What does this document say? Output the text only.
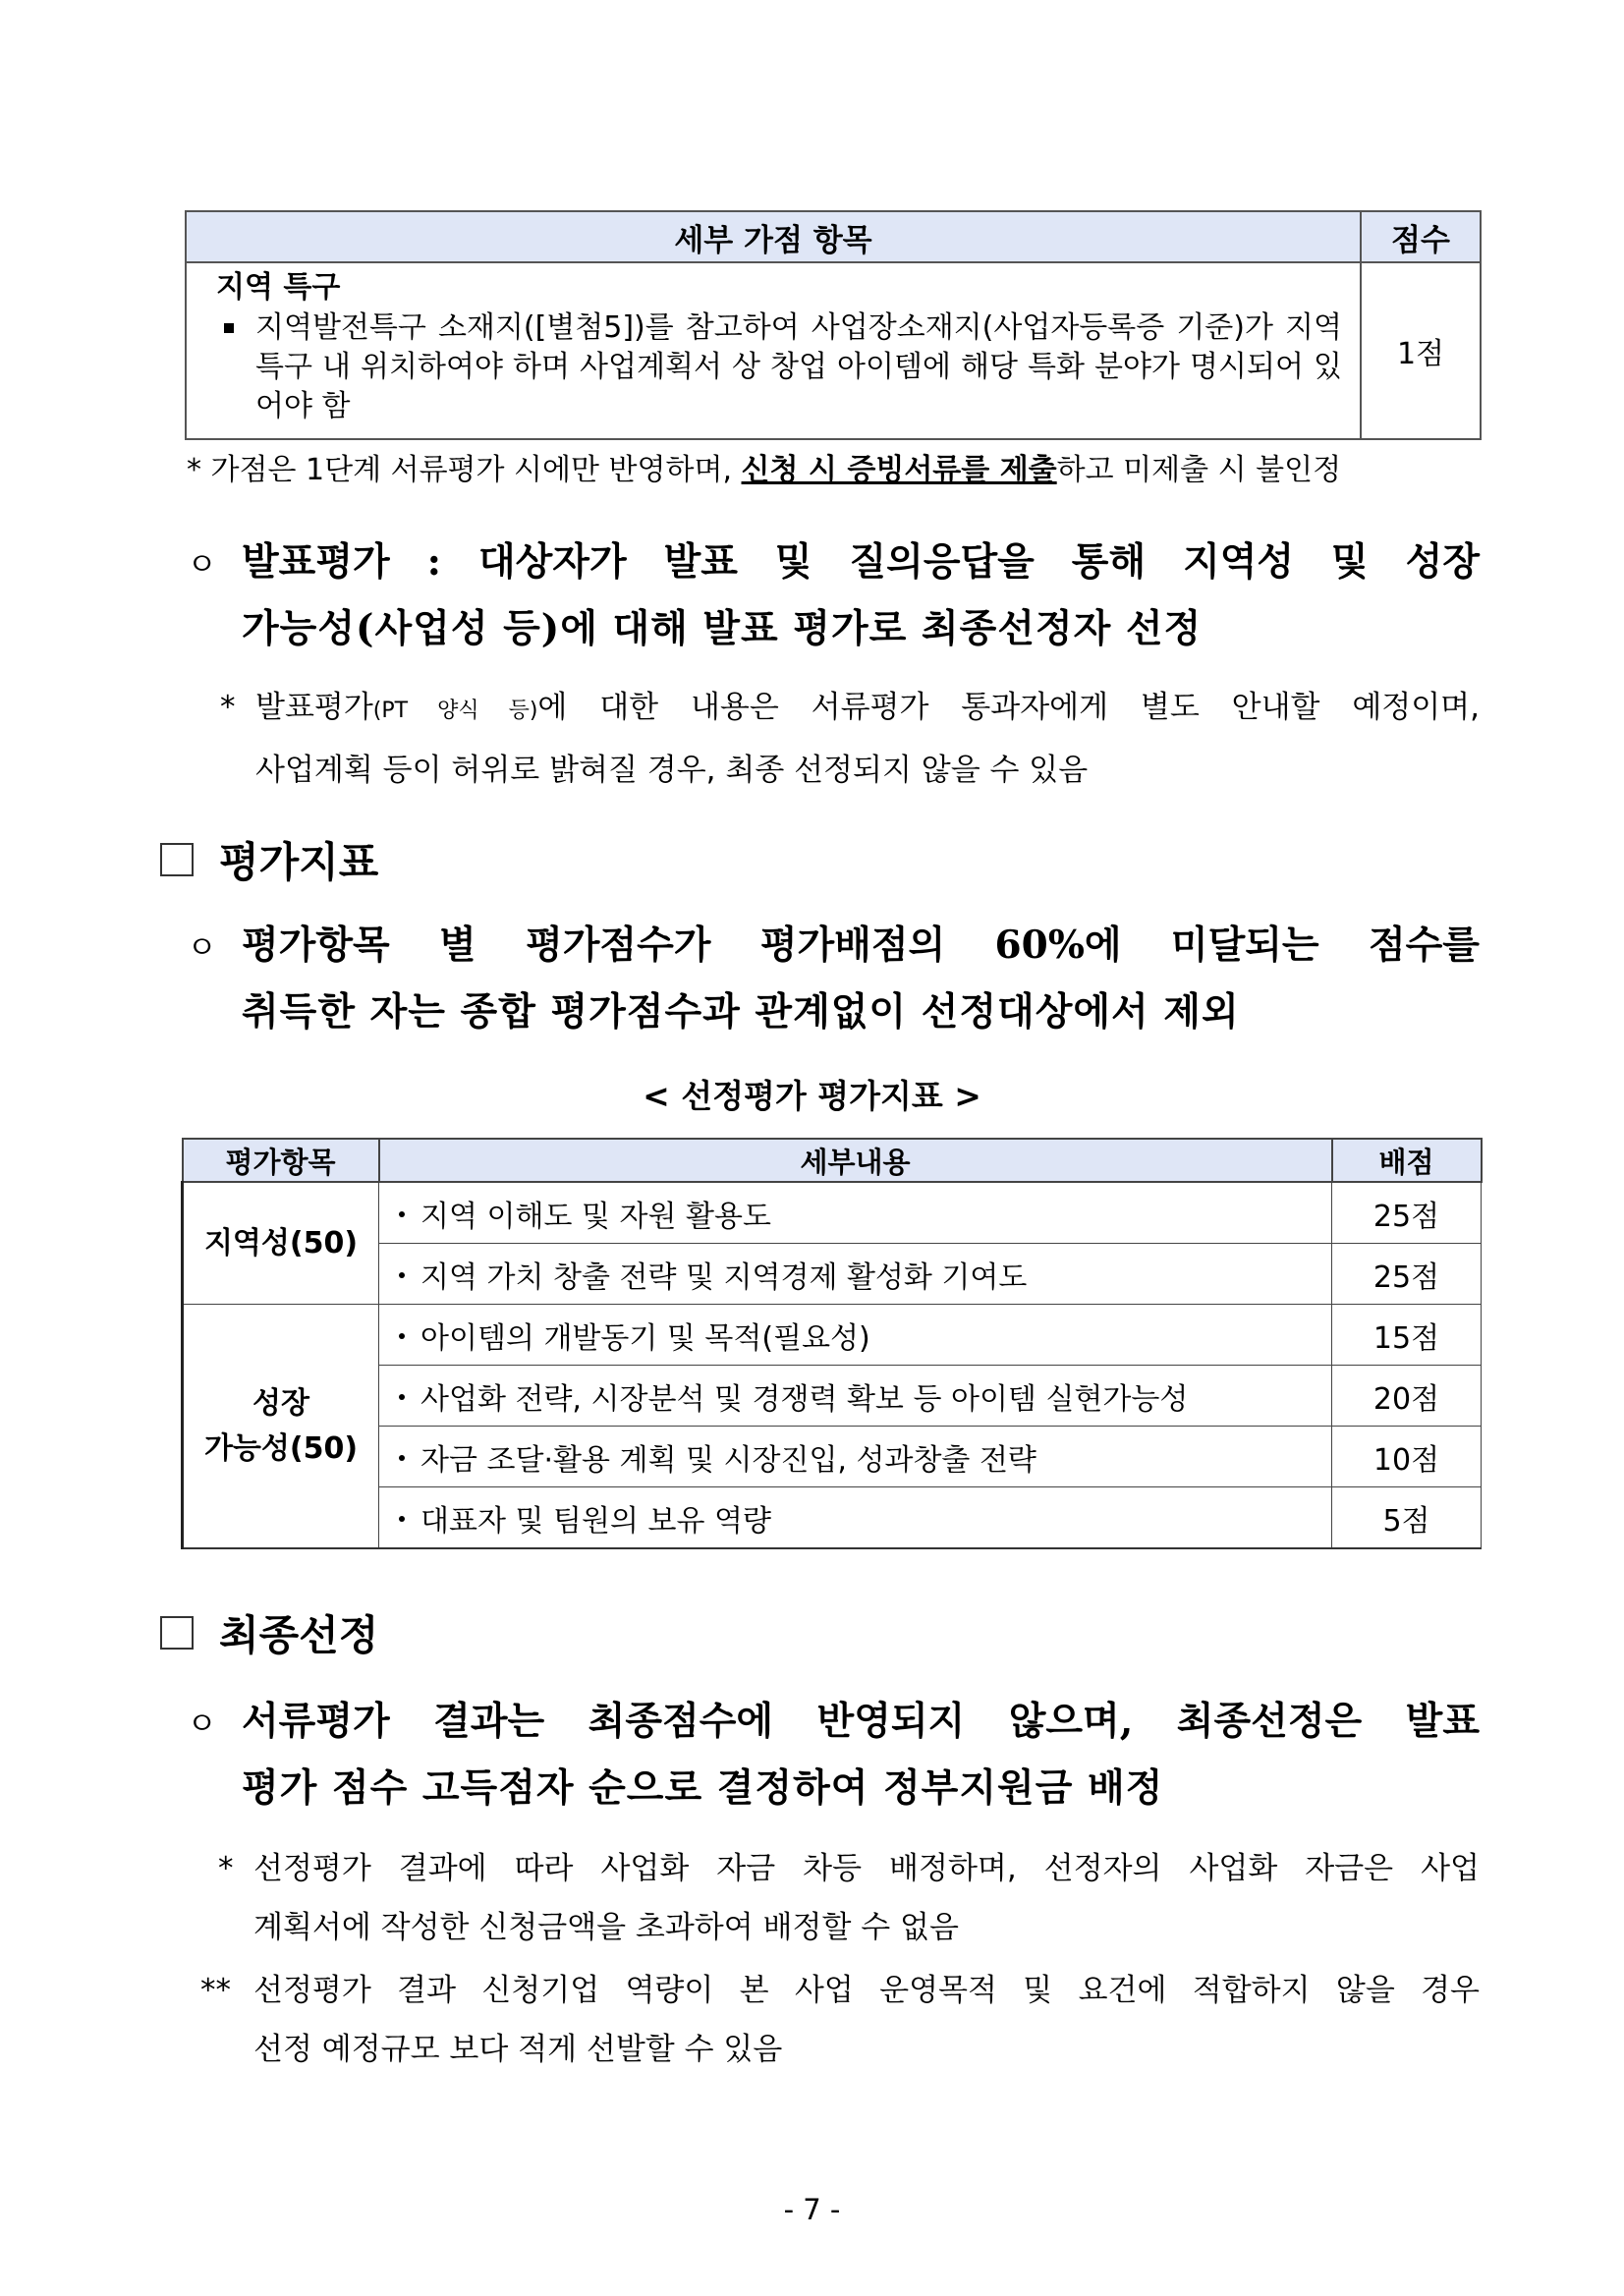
세부 가점 항목	점수

지역 특구
지역발전특구 소재지([별첨5])를 참고하여 사업장소재지(사업자등록증 기준)가 지역 특구 내 위치하여야 하며 사업계획서 상 창업 아이템에 해당 특화 분야가 명시되어 있어야 함	1점
* 가점은 1단계 서류평가 시에만 반영하며, 신청 시 증빙서류를 제출하고 미제출 시 불인정
ㅇ 발표평가 : 대상자가 발표 및 질의응답을 통해 지역성 및 성장
가능성(사업성 등)에 대해 발표 평가로 최종선정자 선정
* 발표평가(PT 양식 등)에 대한 내용은 서류평가 통과자에게 별도 안내할 예정이며,
사업계획 등이 허위로 밝혀질 경우, 최종 선정되지 않을 수 있음
평가지표
ㅇ 평가항목 별 평가점수가 평가배점의 60%에 미달되는 점수를
취득한 자는 종합 평가점수과 관계없이 선정대상에서 제외
< 선정평가 평가지표 >
평가항목	세부내용	배점
지역성(50)	지역 이해도 및 자원 활용도	25점
	지역 가치 창출 전략 및 지역경제 활성화 기여도	25점
성장
가능성(50)	아이템의 개발동기 및 목적(필요성)	15점
	사업화 전략, 시장분석 및 경쟁력 확보 등 아이템 실현가능성	20점
	자금 조달·활용 계획 및 시장진입, 성과창출 전략	10점
	대표자 및 팀원의 보유 역량	5점
최종선정
ㅇ 서류평가 결과는 최종점수에 반영되지 않으며, 최종선정은 발표
평가 점수 고득점자 순으로 결정하여 정부지원금 배정
* 선정평가 결과에 따라 사업화 자금 차등 배정하며, 선정자의 사업화 자금은 사업
계획서에 작성한 신청금액을 초과하여 배정할 수 없음
** 선정평가 결과 신청기업 역량이 본 사업 운영목적 및 요건에 적합하지 않을 경우
선정 예정규모 보다 적게 선발할 수 있음
- 7 -
